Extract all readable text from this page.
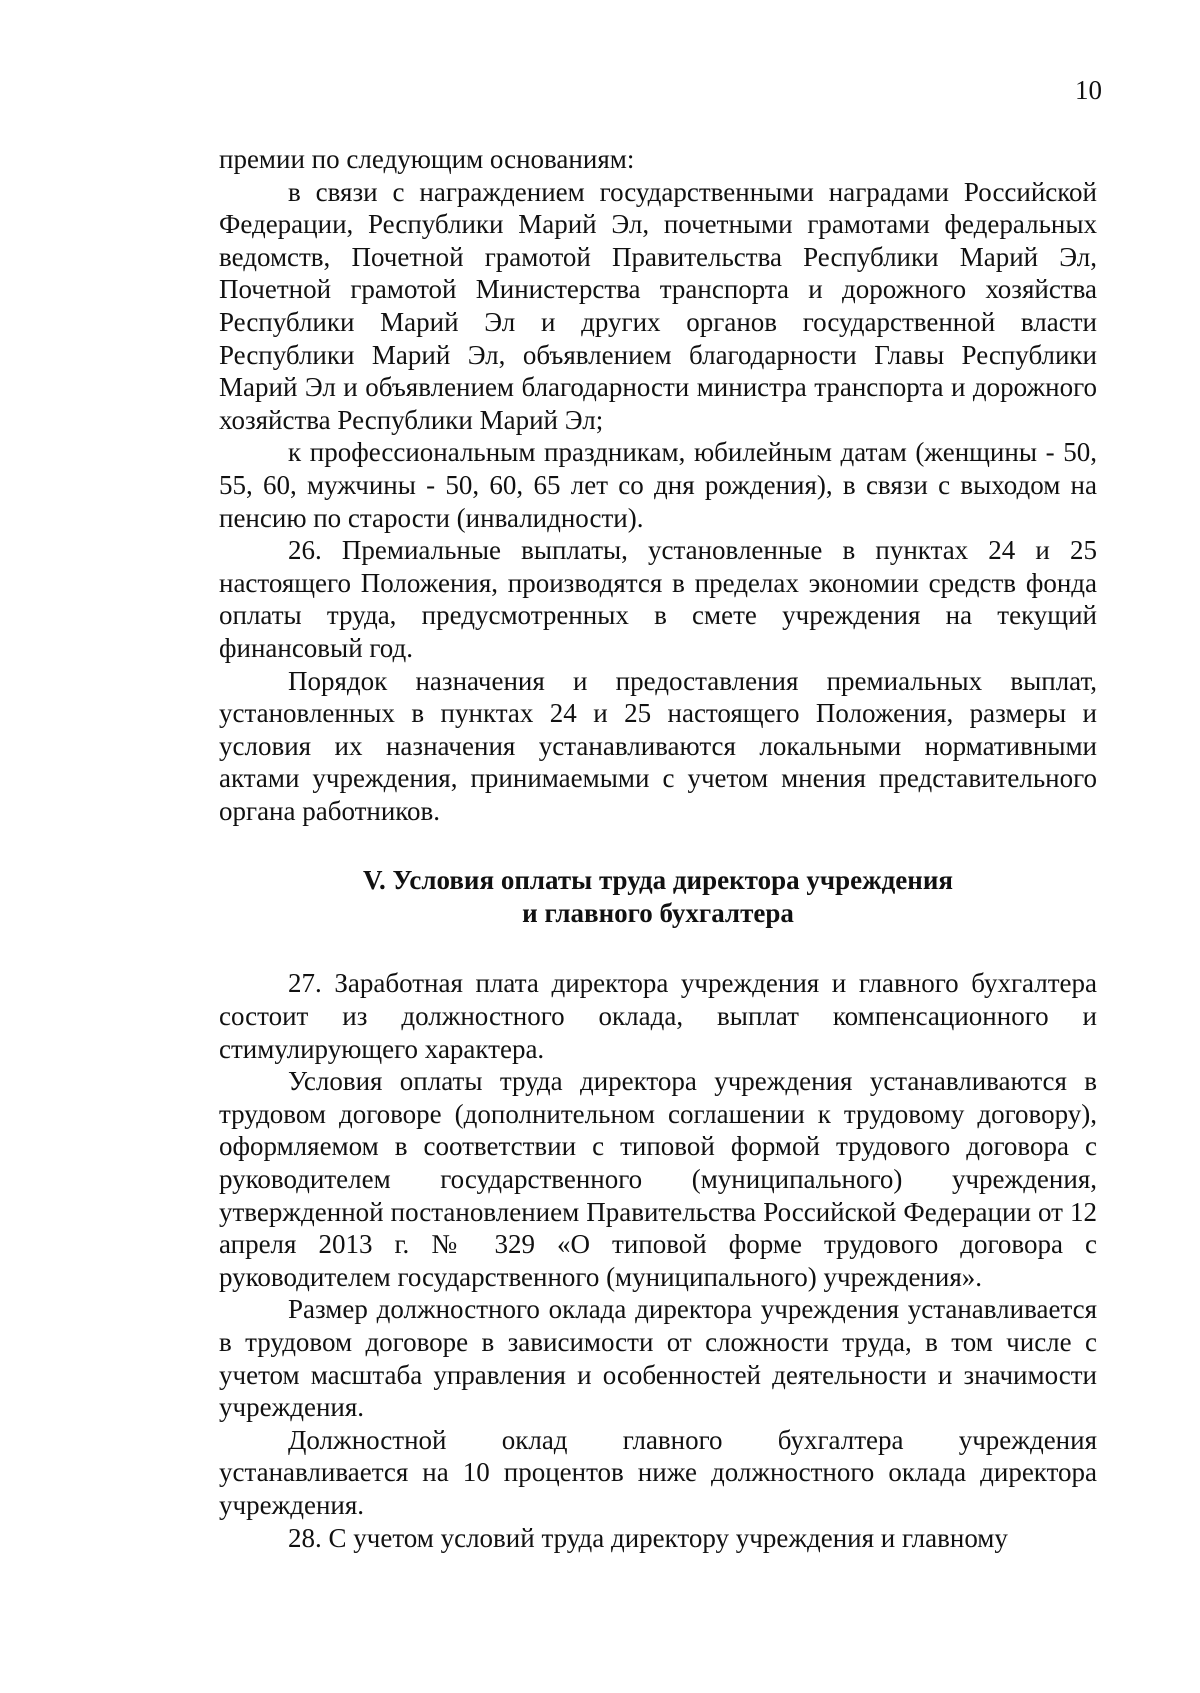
10

премии по следующим основаниям:

в связи с награждением государственными наградами Российской Федерации, Республики Марий Эл, почетными грамотами федеральных ведомств, Почетной грамотой Правительства Республики Марий Эл, Почетной грамотой Министерства транспорта и дорожного хозяйства Республики Марий Эл и других органов государственной власти Республики Марий Эл, объявлением благодарности Главы Республики Марий Эл и объявлением благодарности министра транспорта и дорожного хозяйства Республики Марий Эл;

к профессиональным праздникам, юбилейным датам (женщины - 50, 55, 60, мужчины - 50, 60, 65 лет со дня рождения), в связи с выходом на пенсию по старости (инвалидности).

26. Премиальные выплаты, установленные в пунктах 24 и 25 настоящего Положения, производятся в пределах экономии средств фонда оплаты труда, предусмотренных в смете учреждения на текущий финансовый год.

Порядок назначения и предоставления премиальных выплат, установленных в пунктах 24 и 25 настоящего Положения, размеры и условия их назначения устанавливаются локальными нормативными актами учреждения, принимаемыми с учетом мнения представительного органа работников.

V. Условия оплаты труда директора учреждения
и главного бухгалтера

27. Заработная плата директора учреждения и главного бухгалтера состоит из должностного оклада, выплат компенсационного и стимулирующего характера.

Условия оплаты труда директора учреждения устанавливаются в трудовом договоре (дополнительном соглашении к трудовому договору), оформляемом в соответствии с типовой формой трудового договора с руководителем государственного (муниципального) учреждения, утвержденной постановлением Правительства Российской Федерации от 12 апреля 2013 г. № 329 «О типовой форме трудового договора с руководителем государственного (муниципального) учреждения».

Размер должностного оклада директора учреждения устанавливается в трудовом договоре в зависимости от сложности труда, в том числе с учетом масштаба управления и особенностей деятельности и значимости учреждения.

Должностной оклад главного бухгалтера учреждения устанавливается на 10 процентов ниже должностного оклада директора учреждения.

28. С учетом условий труда директору учреждения и главному
